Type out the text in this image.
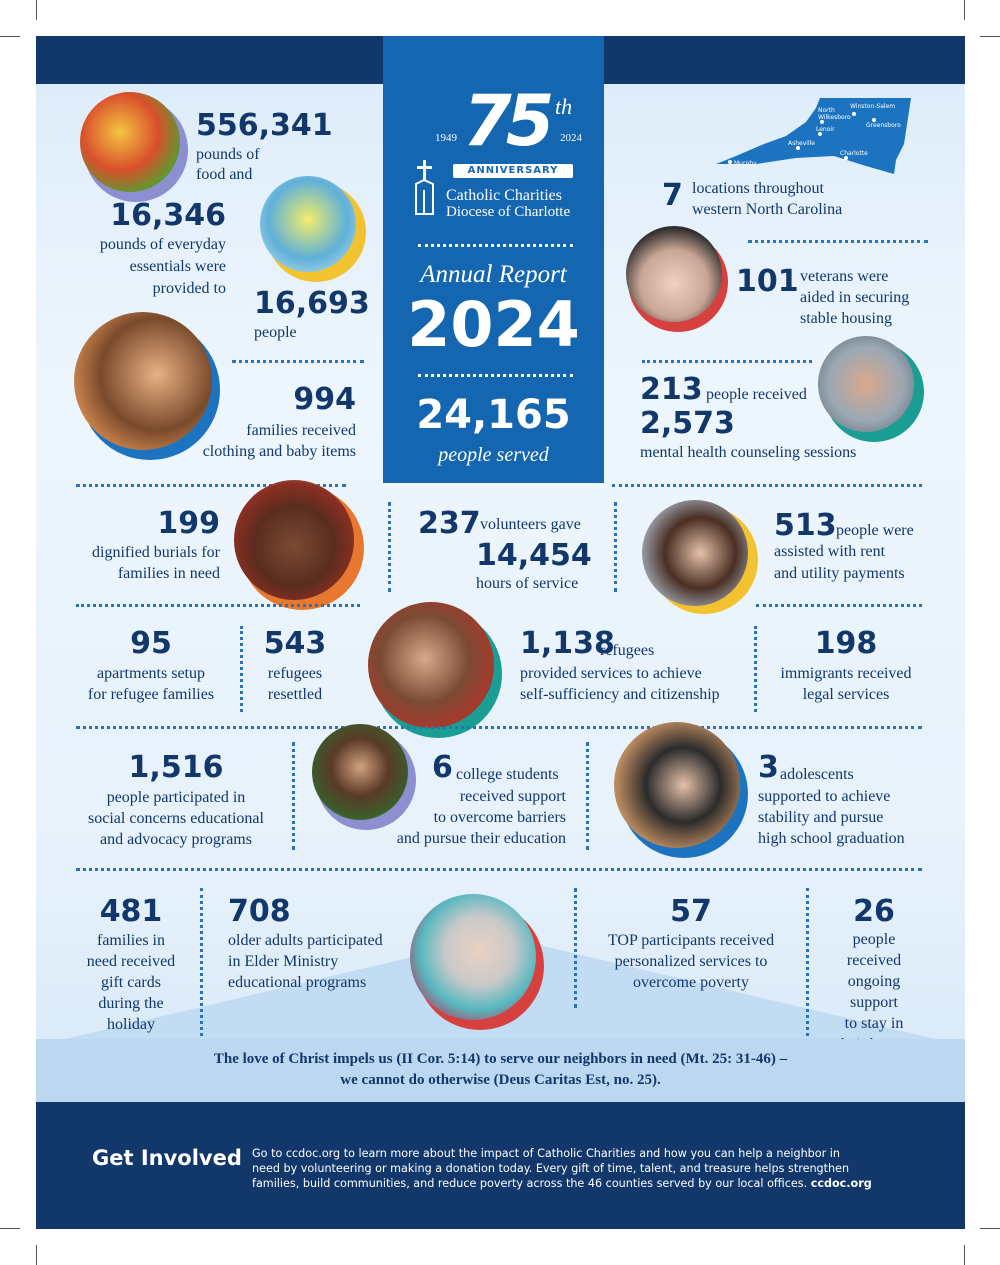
1949	2024
75 th
ANNIVERSARY
Catholic Charities
Diocese of Charlotte
Annual Report
2024
24,165
people served
North
Wilkesboro
Winston-Salem
Greensboro
Lenoir
Asheville
Charlotte
Murphy
556,341
pounds of
food and
16,346
pounds of everyday
essentials were
provided to 16,693
people
994
families received
clothing and baby items
7 locations throughout
western North Carolina
101 veterans were
aided in securing
stable housing
213 people received
2,573
mental health counseling sessions
199
dignified burials for
families in need
237 volunteers gave
14,454
hours of service
513 people were
assisted with rent
and utility payments
95
apartments setup
for refugee families
543
refugees
resettled
1,138
refugees
provided services to achieve
self-sufficiency and citizenship
198
immigrants received
legal services
1,516
people participated in
social concerns educational
and advocacy programs
6 college students
received support
to overcome barriers
and pursue their education
3 adolescents
supported to achieve
stability and pursue
high school graduation
481
families in
need received
gift cards
during the
holiday
708
older adults participated
in Elder Ministry
educational programs
57
TOP participants received
personalized services to
overcome poverty
26
people
received
ongoing
support
to stay in
The love of Christ impels us (II Cor. 5:14) to serve our neighbors in need (Mt. 25: 31-46) –
we cannot do otherwise (Deus Caritas Est, no. 25).
Get Involved Go to ccdoc.org to learn more about the impact of Catholic Charities and how you can help a neighbor in
need by volunteering or making a donation today. Every gift of time, talent, and treasure helps strengthen
families, build communities, and reduce poverty across the 46 counties served by our local offices. ccdoc.org
